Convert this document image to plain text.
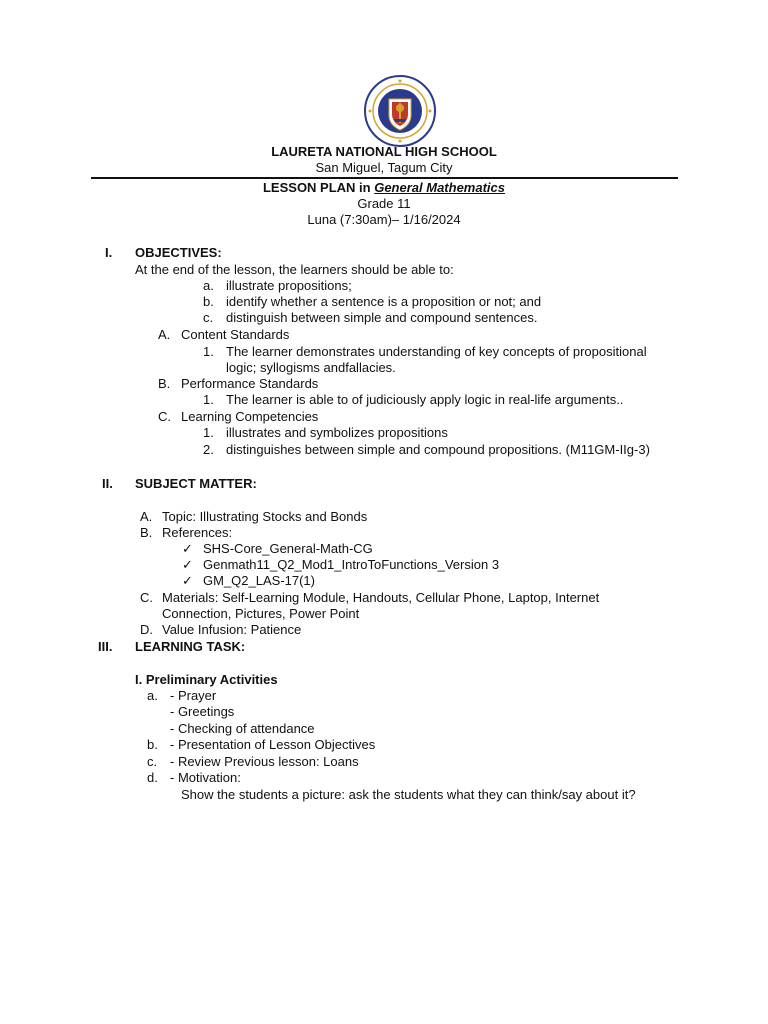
LAURETA NATIONAL HIGH SCHOOL
San Miguel, Tagum City
LESSON PLAN in General Mathematics
Grade 11
Luna (7:30am)– 1/16/2024
I. OBJECTIVES:
At the end of the lesson, the learners should be able to:
a. illustrate propositions;
b. identify whether a sentence is a proposition or not; and
c. distinguish between simple and compound sentences.
A. Content Standards
1. The learner demonstrates understanding of key concepts of propositional
logic; syllogisms andfallacies.
B. Performance Standards
1. The learner is able to of judiciously apply logic in real-life arguments..
C. Learning Competencies
1. illustrates and symbolizes propositions
2. distinguishes between simple and compound propositions. (M11GM-IIg-3)
II. SUBJECT MATTER:
A. Topic: Illustrating Stocks and Bonds
B. References:
✓ SHS-Core_General-Math-CG
✓ Genmath11_Q2_Mod1_IntroToFunctions_Version 3
✓ GM_Q2_LAS-17(1)
C. Materials: Self-Learning Module, Handouts, Cellular Phone, Laptop, Internet
Connection, Pictures, Power Point
D. Value Infusion: Patience
III. LEARNING TASK:
I. Preliminary Activities
a. - Prayer
- Greetings
- Checking of attendance
b. - Presentation of Lesson Objectives
c. - Review Previous lesson: Loans
d. - Motivation:
Show the students a picture: ask the students what they can think/say about it?
